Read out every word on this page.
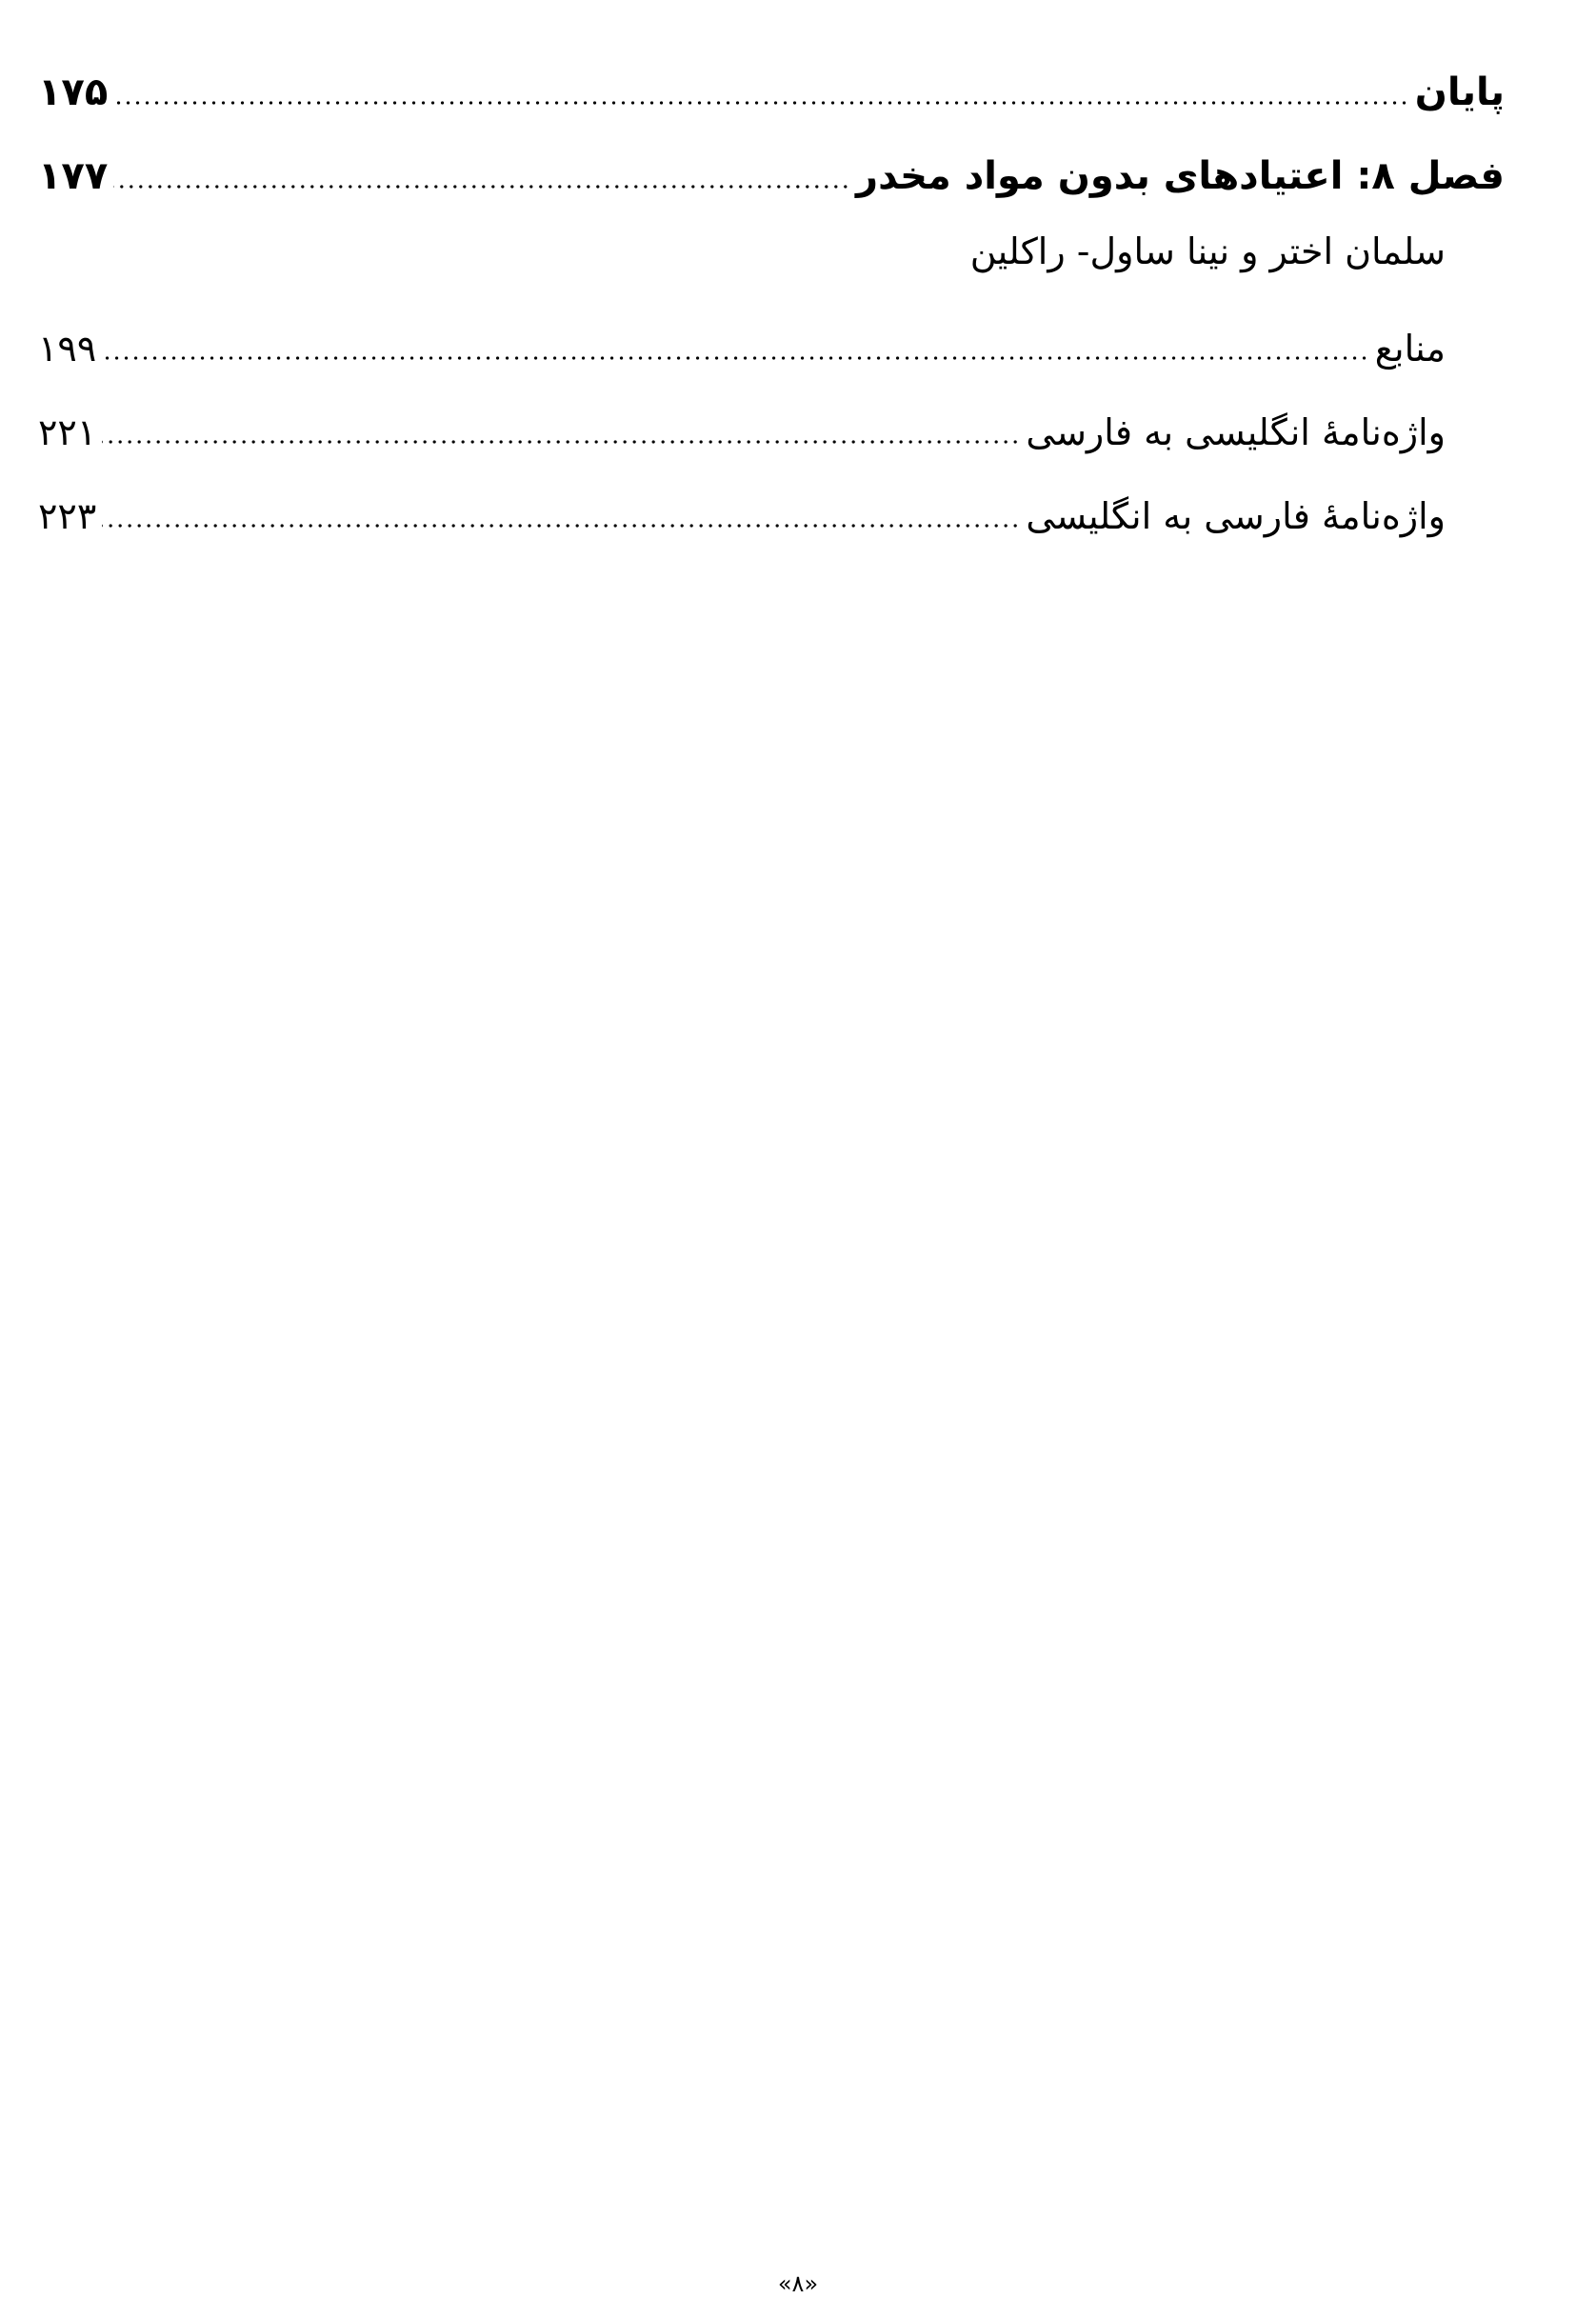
پایان
۱۷۵
فصل ۸: اعتیادهای بدون مواد مخدر
۱۷۷
سلمان اختر و نینا ساول- راکلین
منابع
۱۹۹
واژه‌نامهٔ انگلیسی به فارسی
۲۲۱
واژه‌نامهٔ فارسی به انگلیسی
۲۲۳
«۸»
